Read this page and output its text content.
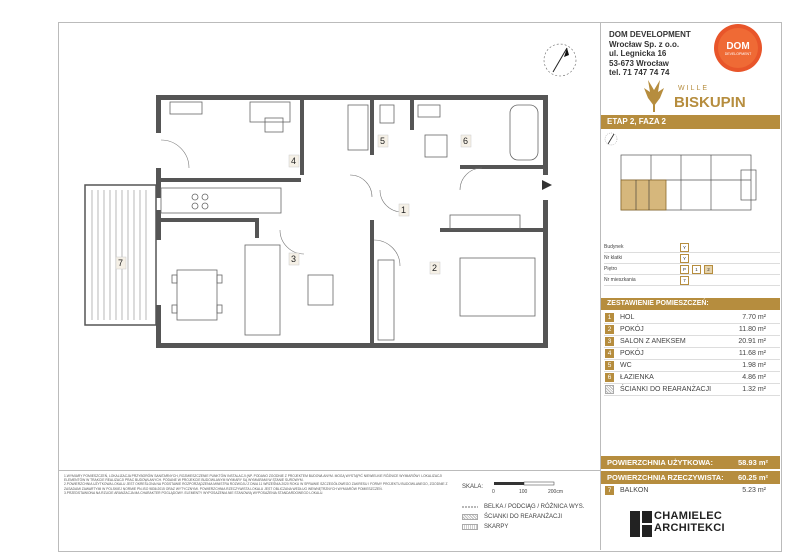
1
2
3
4
5	6
7
DOM DEVELOPMENT
Wrocław Sp. z o.o.
ul. Legnicka 16
53-673 Wrocław
tel. 71 747 74 74
DOM
DEVELOPMENT
WILLE
BISKUPIN
ETAP 2, FAZA 2
Budynek	Y
Nr klatki	Y
Piętro	P	1	2
Nr mieszkania	7
ZESTAWIENIE POMIESZCZEŃ:
1	HOL	7.70 m²
2	POKÓJ	11.80 m²
3	SALON Z ANEKSEM	20.91 m²
4	POKÓJ	11.68 m²
5	WC	1.98 m²
6	ŁAZIENKA	4.86 m²
ŚCIANKI DO REARANŻACJI	1.32 m²
POWIERZCHNIA UŻYTKOWA:	58.93 m²
POWIERZCHNIA RZECZYWISTA: 60.25 m²
7	BALKON	5.23 m²
CHAMIELEC
ARCHITEKCI
1.WYMIARY POMIESZCZEŃ, LOKALIZACJA PRZYBORÓW SANITARNYCH, ROZMIESZCZENIE PUNKTÓW INSTALACJI (NP. PODANO ZGODNIE Z PROJEKTEM BUDOWLANYM. MOGĄ WYSTĄPIĆ NIEWIELKIE RÓŻNICE WYMIARÓW I LOKALIZACJI ELEMENTÓW W TRAKCIE REALIZACJI PRAC BUDOWLANYCH. PODANE W PROJEKCIE BUDOWLANYM WYMIARY SĄ WYMIARAMI W STANIE SUROWYM.
2.POWIERZCHNIA UŻYTKOWA LOKALU JEST OKREŚLONA NA PODSTAWIE ROZPORZĄDZENIA MINISTRA ROZWOJU Z DNIA 11 WRZEŚNIA 2020 ROKU W SPRAWIE SZCZEGÓŁOWEGO ZAKRESU I FORMY PROJEKTU BUDOWLANEGO, ZGODNIE Z ZASADAMI ZAWARTYMI W POLSKIEJ NORMIE PN-ISO 9836:2015 ORAZ WYTYCZNYMI. POWIERZCHNIA RZECZYWISTA LOKALU JEST OBLICZANA WEDŁUG WEWNĘTRZNYCH WYMIARÓW POMIESZCZEŃ.
3.PRZEDSTAWIONA NA RZUCIE ARANŻACJA MA CHARAKTER POGLĄDOWY. ELEMENTY WYPOSAŻENIA NIE STANOWIĄ WYPOSAŻENIA STANDARDOWEGO LOKALU.
SKALA:
0	100	200cm
BELKA / PODCIĄG / RÓŻNICA WYS.
ŚCIANKI DO REARANŻACJI
SKARPY
